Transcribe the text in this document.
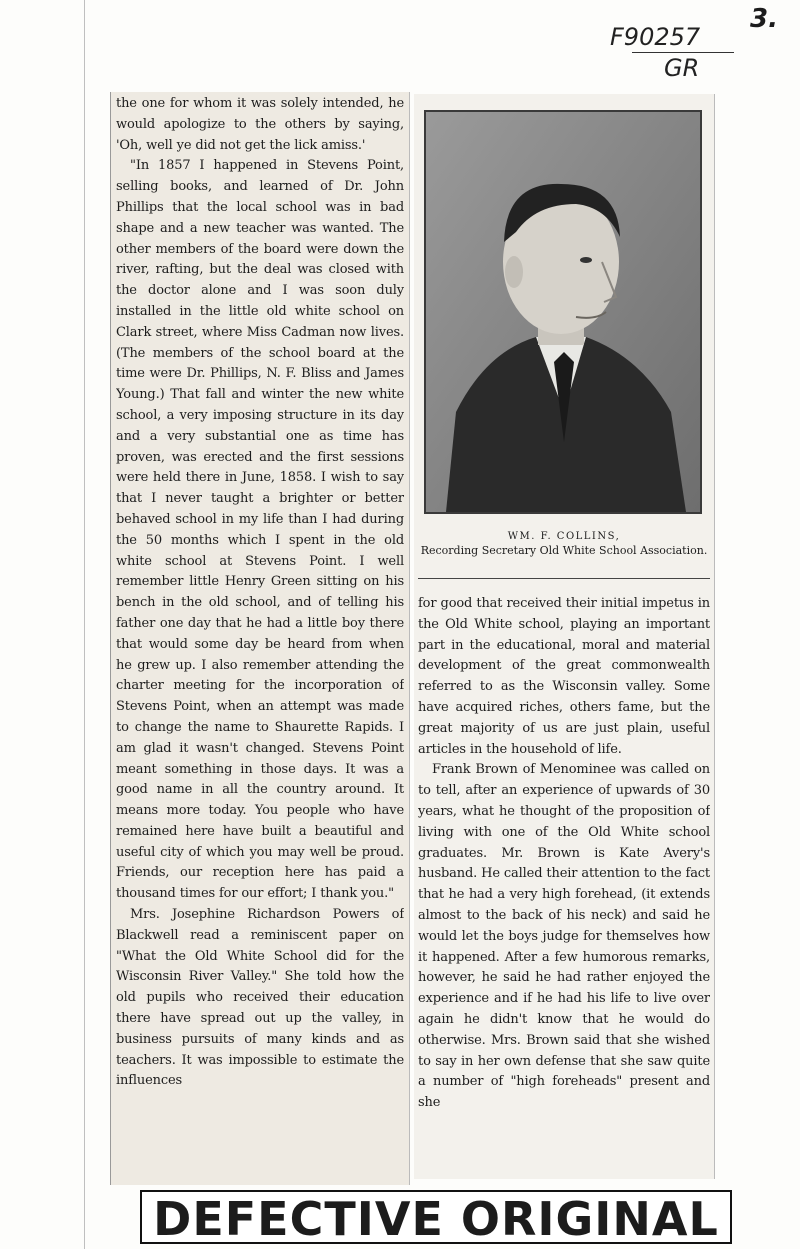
3.
F90257
GR
the one for whom it was solely intended, he would apologize to the others by saying, 'Oh, well ye did not get the lick amiss.'
"In 1857 I happened in Stevens Point, selling books, and learned of Dr. John Phillips that the local school was in bad shape and a new teacher was wanted. The other members of the board were down the river, rafting, but the deal was closed with the doctor alone and I was soon duly installed in the little old white school on Clark street, where Miss Cadman now lives. (The members of the school board at the time were Dr. Phillips, N. F. Bliss and James Young.) That fall and winter the new white school, a very imposing structure in its day and a very substantial one as time has proven, was erected and the first sessions were held there in June, 1858. I wish to say that I never taught a brighter or better behaved school in my life than I had during the 50 months which I spent in the old white school at Stevens Point. I well remember little Henry Green sitting on his bench in the old school, and of telling his father one day that he had a little boy there that would some day be heard from when he grew up. I also remember attending the charter meeting for the incorporation of Stevens Point, when an attempt was made to change the name to Shaurette Rapids. I am glad it wasn't changed. Stevens Point meant something in those days. It was a good name in all the country around. It means more today. You people who have remained here have built a beautiful and useful city of which you may well be proud. Friends, our reception here has paid a thousand times for our effort; I thank you."
Mrs. Josephine Richardson Powers of Blackwell read a reminiscent paper on "What the Old White School did for the Wisconsin River Valley." She told how the old pupils who received their education there have spread out up the valley, in business pursuits of many kinds and as teachers. It was impossible to estimate the influences
WM. F. COLLINS,
Recording Secretary Old White School Association.
for good that received their initial impetus in the Old White school, playing an important part in the educational, moral and material development of the great commonwealth referred to as the Wisconsin valley. Some have acquired riches, others fame, but the great majority of us are just plain, useful articles in the household of life.
Frank Brown of Menominee was called on to tell, after an experience of upwards of 30 years, what he thought of the proposition of living with one of the Old White school graduates. Mr. Brown is Kate Avery's husband. He called their attention to the fact that he had a very high forehead, (it extends almost to the back of his neck) and said he would let the boys judge for themselves how it happened. After a few humorous remarks, however, he said he had rather enjoyed the experience and if he had his life to live over again he didn't know that he would do otherwise. Mrs. Brown said that she wished to say in her own defense that she saw quite a number of "high foreheads" present and she
DEFECTIVE ORIGINAL
